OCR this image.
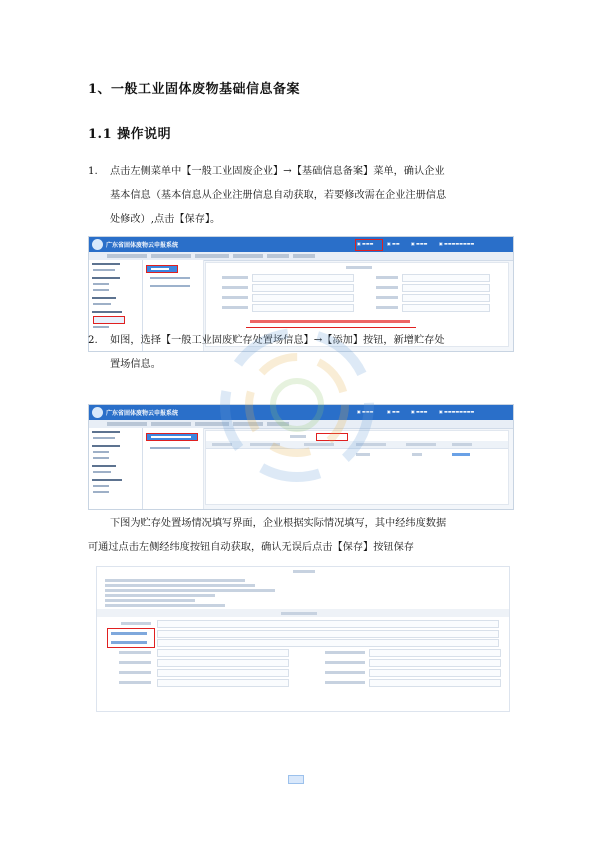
1、一般工业固体废物基础信息备案
1.1 操作说明
1. 点击左侧菜单中【一般工业固废企业】→【基础信息备案】菜单，确认企业
基本信息（基本信息从企业注册信息自动获取，若要修改需在企业注册信息
处修改）,点击【保存】。
广东省固体废物云申报系统	▣ ▬▬▬	▣ ▬▬	▣ ▬▬▬	▣ ▬▬▬▬▬▬▬▬
2. 如图，选择【一般工业固废贮存处置场信息】→【添加】按钮，新增贮存处
置场信息。
广东省固体废物云申报系统	▣ ▬▬▬	▣ ▬▬	▣ ▬▬▬	▣ ▬▬▬▬▬▬▬▬
下图为贮存处置场情况填写界面，企业根据实际情况填写，其中经纬度数据
可通过点击左侧经纬度按钮自动获取，确认无误后点击【保存】按钮保存
